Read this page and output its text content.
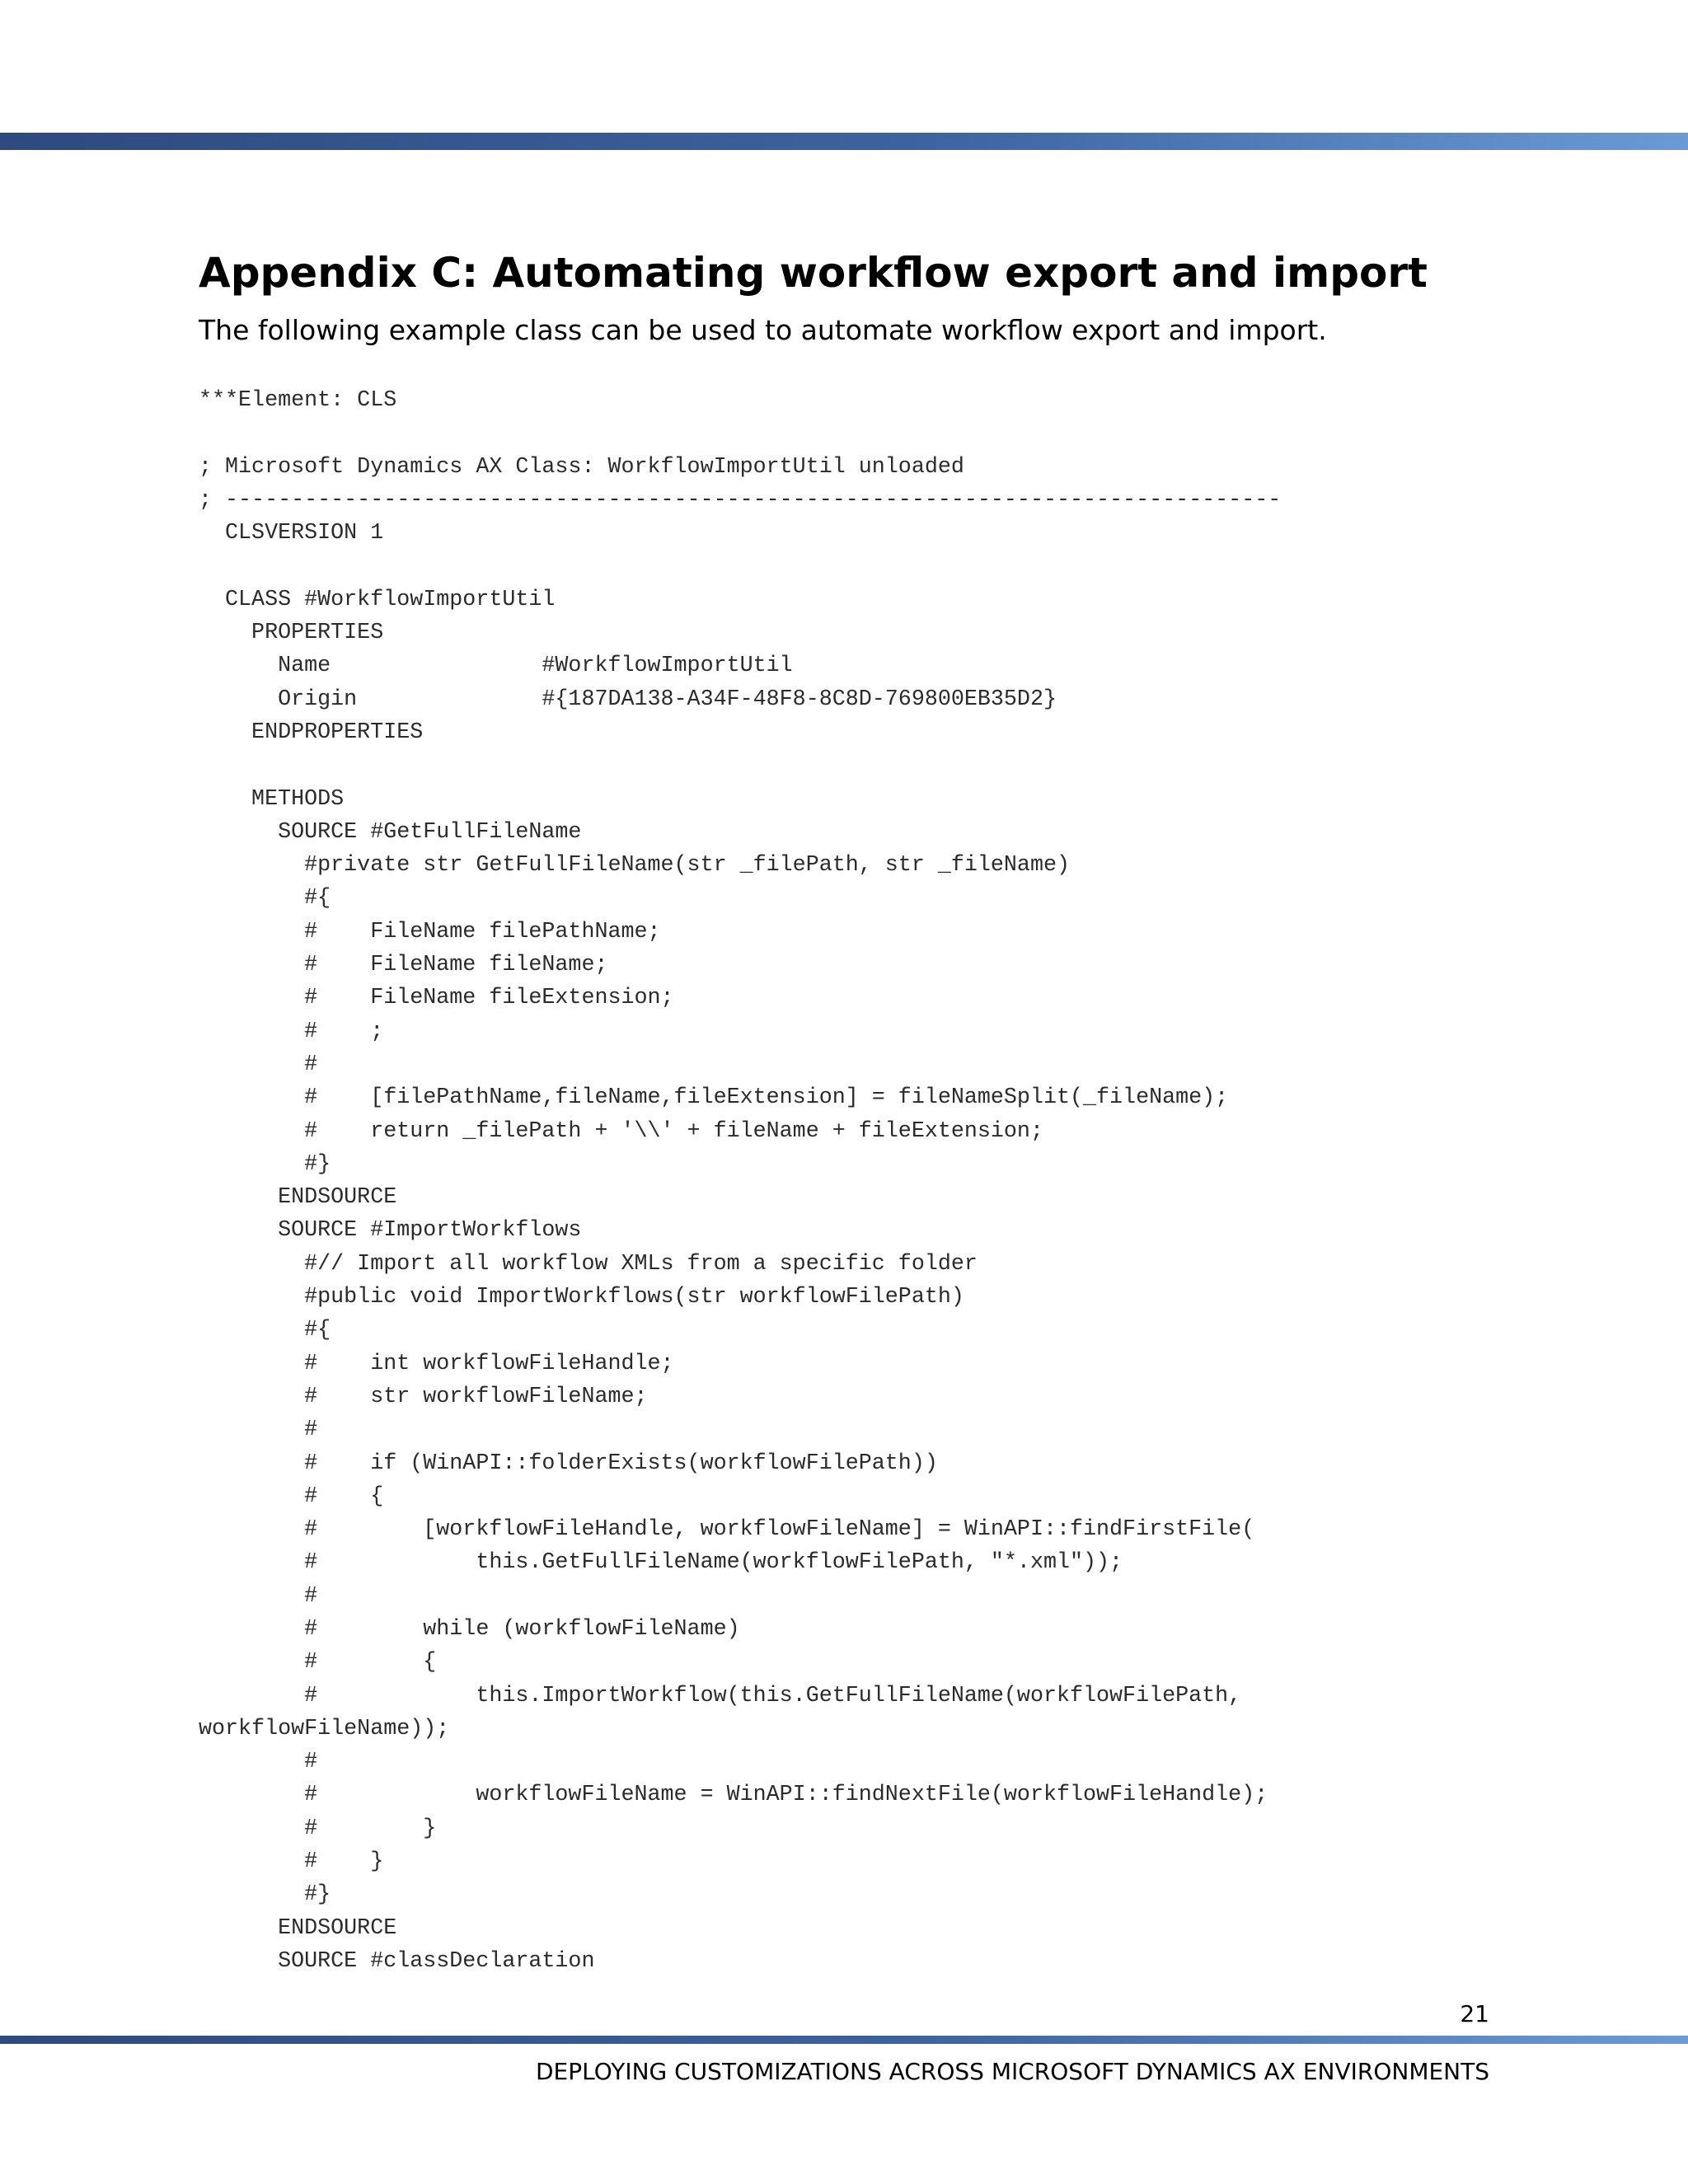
Appendix C: Automating workflow export and import

The following example class can be used to automate workflow export and import.

***Element: CLS
; Microsoft Dynamics AX Class: WorkflowImportUtil unloaded
; --------------------------------------------------------------------------------
CLSVERSION 1
CLASS #WorkflowImportUtil
PROPERTIES
Name                #WorkflowImportUtil
Origin              #{187DA138-A34F-48F8-8C8D-769800EB35D2}
ENDPROPERTIES
METHODS
SOURCE #GetFullFileName
#private str GetFullFileName(str _filePath, str _fileName)
#{
#    FileName filePathName;
#    FileName fileName;
#    FileName fileExtension;
#    ;
#
#    [filePathName,fileName,fileExtension] = fileNameSplit(_fileName);
#    return _filePath + '\\' + fileName + fileExtension;
#}
ENDSOURCE
SOURCE #ImportWorkflows
#// Import all workflow XMLs from a specific folder
#public void ImportWorkflows(str workflowFilePath)
#{
#    int workflowFileHandle;
#    str workflowFileName;
#
#    if (WinAPI::folderExists(workflowFilePath))
#    {
#        [workflowFileHandle, workflowFileName] = WinAPI::findFirstFile(
#            this.GetFullFileName(workflowFilePath, "*.xml"));
#
#        while (workflowFileName)
#        {
#            this.ImportWorkflow(this.GetFullFileName(workflowFilePath,
workflowFileName));
#
#            workflowFileName = WinAPI::findNextFile(workflowFileHandle);
#        }
#    }
#}
ENDSOURCE
SOURCE #classDeclaration
21
DEPLOYING CUSTOMIZATIONS ACROSS MICROSOFT DYNAMICS AX ENVIRONMENTS
